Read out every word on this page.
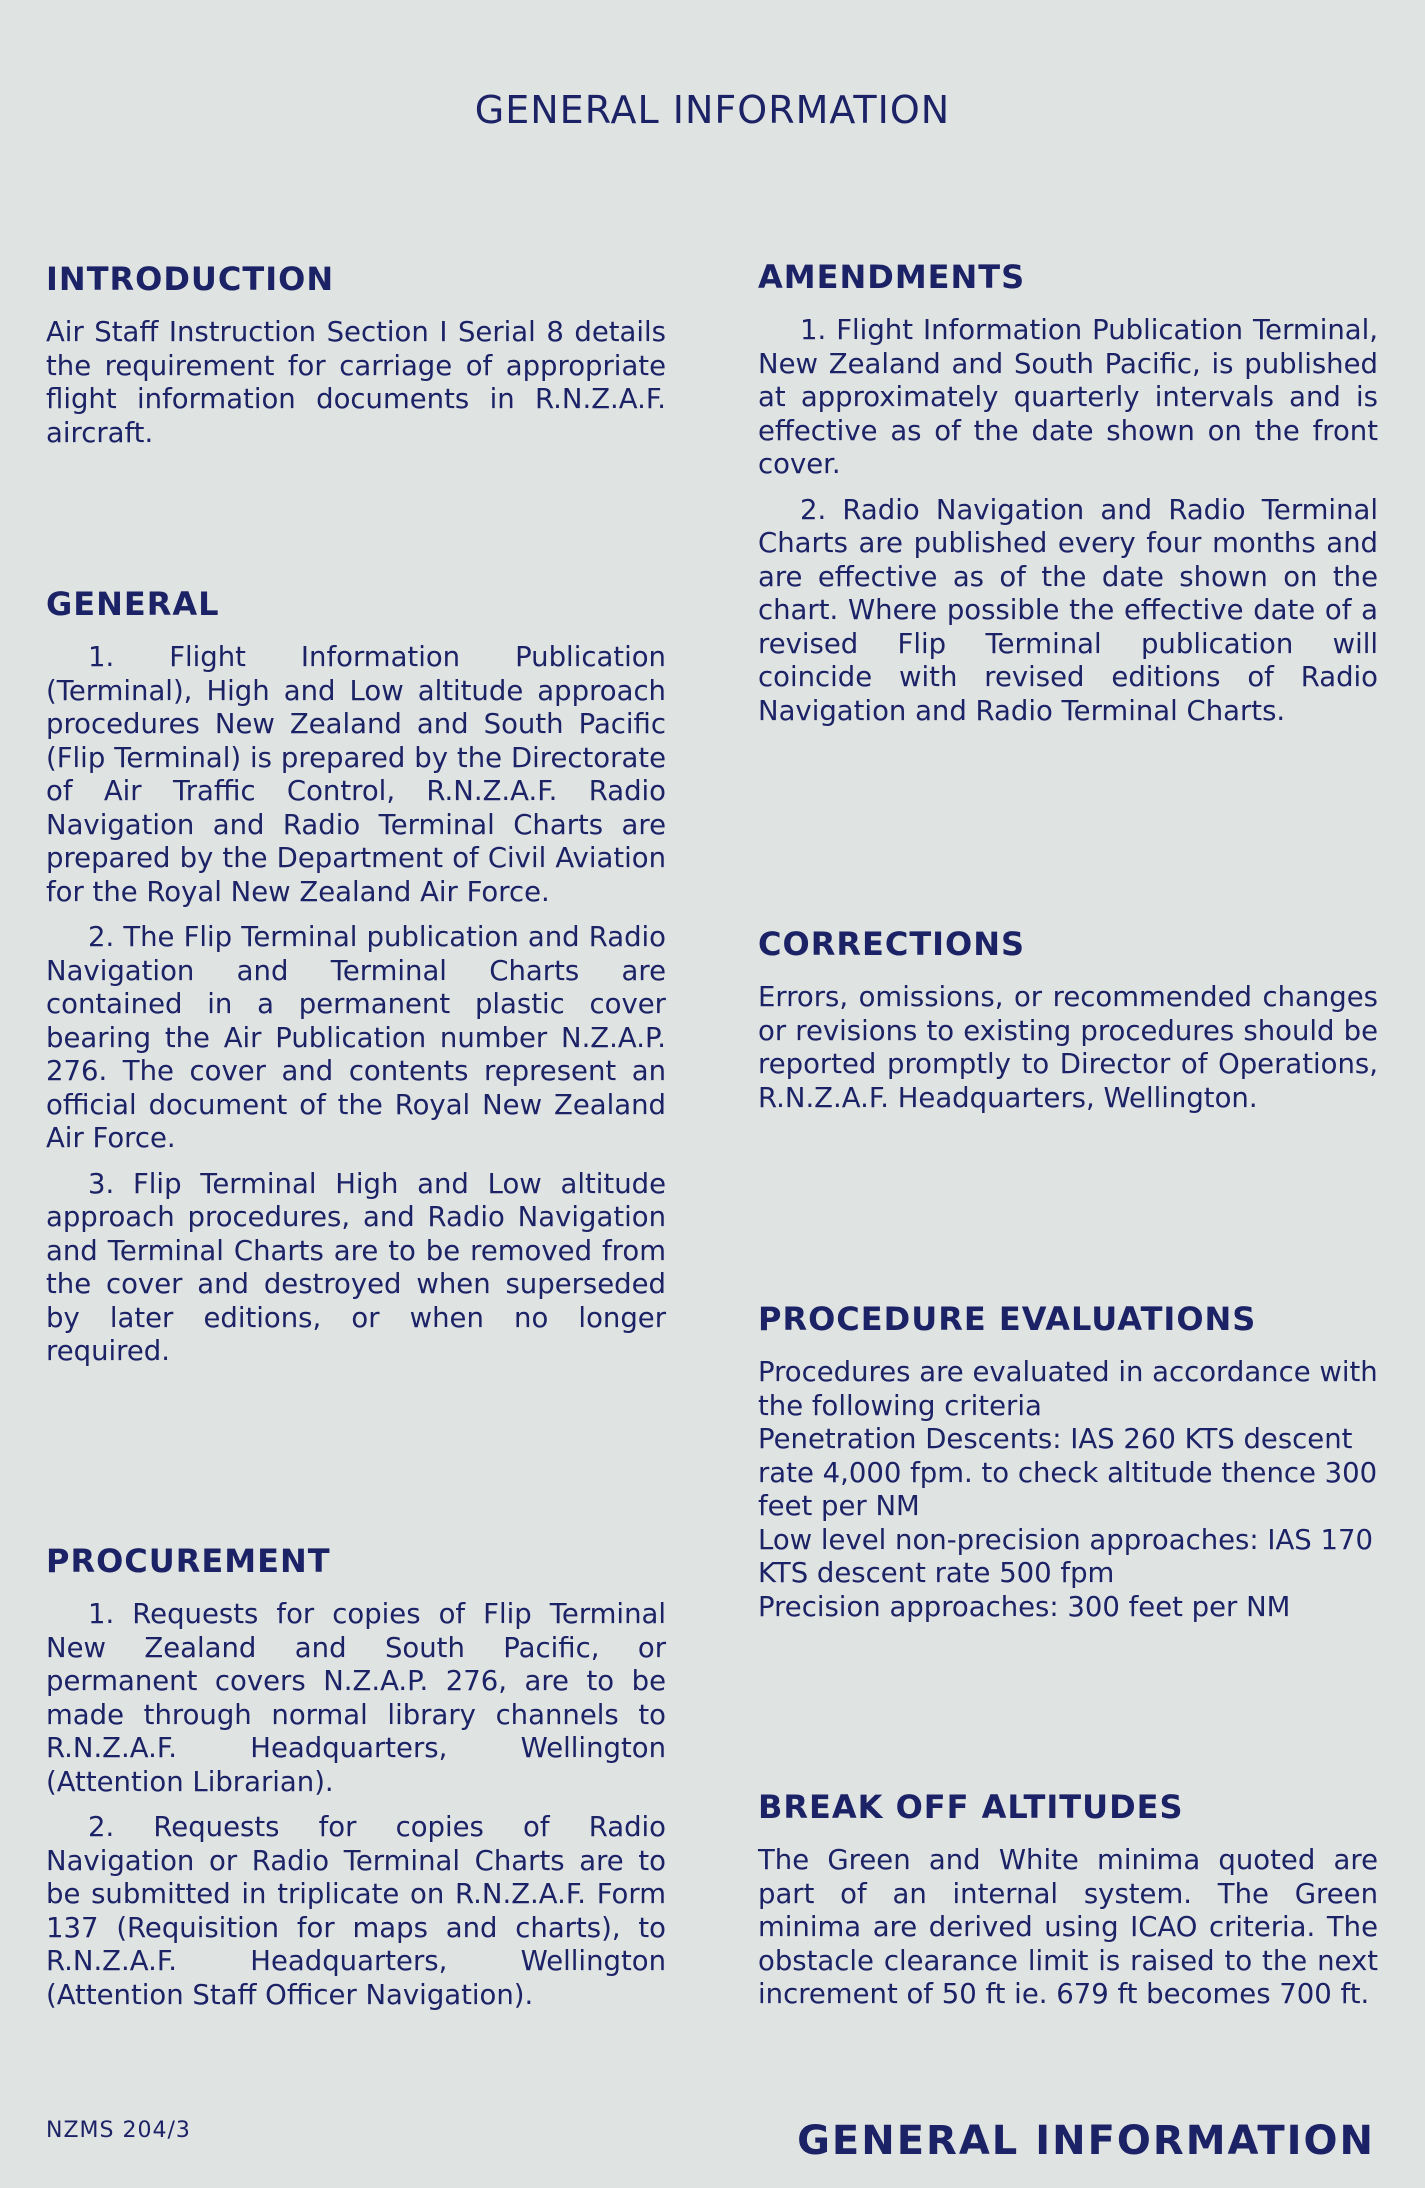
GENERAL INFORMATION
INTRODUCTION

Air Staff Instruction Section I Serial 8 details the requirement for carriage of appropriate flight information documents in R.N.Z.A.F. aircraft.

GENERAL

1. Flight Information Publication (Terminal), High and Low altitude approach procedures New Zealand and South Pacific (Flip Terminal) is prepared by the Directorate of Air Traffic Control, R.N.Z.A.F. Radio Navigation and Radio Terminal Charts are prepared by the Department of Civil Aviation for the Royal New Zealand Air Force.

2. The Flip Terminal publication and Radio Navigation and Terminal Charts are contained in a permanent plastic cover bearing the Air Publication number N.Z.A.P. 276. The cover and contents represent an official document of the Royal New Zealand Air Force.

3. Flip Terminal High and Low altitude approach procedures, and Radio Navigation and Terminal Charts are to be removed from the cover and destroyed when superseded by later editions, or when no longer required.

PROCUREMENT

1. Requests for copies of Flip Terminal New Zealand and South Pacific, or permanent covers N.Z.A.P. 276, are to be made through normal library channels to R.N.Z.A.F. Headquarters, Wellington (Attention Librarian).

2. Requests for copies of Radio Navigation or Radio Terminal Charts are to be submitted in triplicate on R.N.Z.A.F. Form 137 (Requisition for maps and charts), to R.N.Z.A.F. Headquarters, Wellington (Attention Staff Officer Navigation).

AMENDMENTS

1. Flight Information Publication Terminal, New Zealand and South Pacific, is published at approximately quarterly intervals and is effective as of the date shown on the front cover.

2. Radio Navigation and Radio Terminal Charts are published every four months and are effective as of the date shown on the chart. Where possible the effective date of a revised Flip Terminal publication will coincide with revised editions of Radio Navigation and Radio Terminal Charts.

CORRECTIONS

Errors, omissions, or recommended changes or revisions to existing procedures should be reported promptly to Director of Operations, R.N.Z.A.F. Headquarters, Wellington.

PROCEDURE EVALUATIONS

Procedures are evaluated in accordance with the following criteria

Penetration Descents: IAS 260 KTS descent rate 4,000 fpm. to check altitude thence 300 feet per NM

Low level non-precision approaches: IAS 170 KTS descent rate 500 fpm

Precision approaches: 300 feet per NM

BREAK OFF ALTITUDES

The Green and White minima quoted are part of an internal system. The Green minima are derived using ICAO criteria. The obstacle clearance limit is raised to the next increment of 50 ft ie. 679 ft becomes 700 ft.

NZMS 204/3	GENERAL INFORMATION
